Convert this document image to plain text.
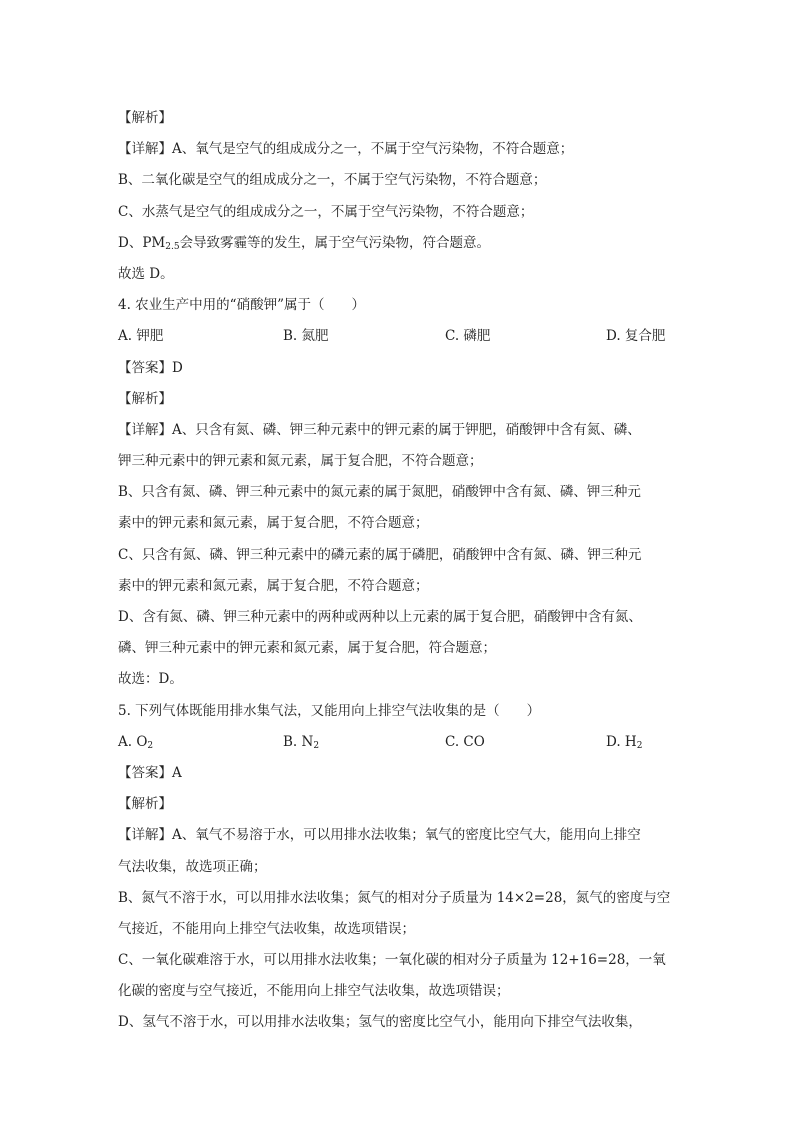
【解析】
【详解】A、氧气是空气的组成成分之一，不属于空气污染物，不符合题意；
B、二氧化碳是空气的组成成分之一，不属于空气污染物，不符合题意；
C、水蒸气是空气的组成成分之一，不属于空气污染物，不符合题意；
D、$PM_{2.5}$会导致雾霾等的发生，属于空气污染物，符合题意。
故选 D。
4. 农业生产中用的“硝酸钾”属于（　　）
A. 钾肥	B. 氮肥	C. 磷肥	D. 复合肥
【答案】D
【解析】
【详解】A、只含有氮、磷、钾三种元素中的钾元素的属于钾肥，硝酸钾中含有氮、磷、
钾三种元素中的钾元素和氮元素，属于复合肥，不符合题意；
B、只含有氮、磷、钾三种元素中的氮元素的属于氮肥，硝酸钾中含有氮、磷、钾三种元
素中的钾元素和氮元素，属于复合肥，不符合题意；
C、只含有氮、磷、钾三种元素中的磷元素的属于磷肥，硝酸钾中含有氮、磷、钾三种元
素中的钾元素和氮元素，属于复合肥，不符合题意；
D、含有氮、磷、钾三种元素中的两种或两种以上元素的属于复合肥，硝酸钾中含有氮、
磷、钾三种元素中的钾元素和氮元素，属于复合肥，符合题意；
故选：D。
5. 下列气体既能用排水集气法，又能用向上排空气法收集的是（　　）
A. $O_2$	B. $N_2$	C. CO	D. $H_2$
【答案】A
【解析】
【详解】A、氧气不易溶于水，可以用排水法收集；氧气的密度比空气大，能用向上排空
气法收集，故选项正确；
B、氮气不溶于水，可以用排水法收集；氮气的相对分子质量为 14×2=28，氮气的密度与空
气接近，不能用向上排空气法收集，故选项错误；
C、一氧化碳难溶于水，可以用排水法收集；一氧化碳的相对分子质量为 12+16=28，一氧
化碳的密度与空气接近，不能用向上排空气法收集，故选项错误；
D、氢气不溶于水，可以用排水法收集；氢气的密度比空气小，能用向下排空气法收集，
